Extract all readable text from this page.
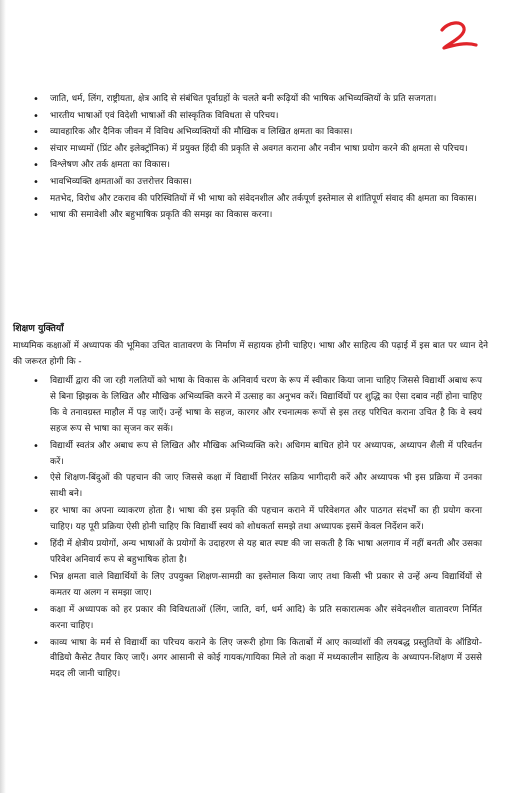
• जाति, धर्म, लिंग, राष्ट्रीयता, क्षेत्र आदि से संबंधित पूर्वाग्रहों के चलते बनी रूढ़ियों की भाषिक अभिव्यक्तियों के प्रति सजगता।
• भारतीय भाषाओं एवं विदेशी भाषाओं की सांस्कृतिक विविधता से परिचय।
• व्यावहारिक और दैनिक जीवन में विविध अभिव्यक्तियों की मौखिक व लिखित क्षमता का विकास।
• संचार माध्यमों (प्रिंट और इलेक्ट्रॉनिक) में प्रयुक्त हिंदी की प्रकृति से अवगत कराना और नवीन भाषा प्रयोग करने की क्षमता से परिचय।
• विश्लेषण और तर्क क्षमता का विकास।
• भावभिव्यक्ति क्षमताओं का उत्तरोत्तर विकास।
• मतभेद, विरोध और टकराव की परिस्थितियों में भी भाषा को संवेदनशील और तर्कपूर्ण इस्तेमाल से शांतिपूर्ण संवाद की क्षमता का विकास।
• भाषा की समावेशी और बहुभाषिक प्रकृति की समझ का विकास करना।
शिक्षण युक्तियाँ

माध्यमिक कक्षाओं में अध्यापक की भूमिका उचित वातावरण के निर्माण में सहायक होनी चाहिए। भाषा और साहित्य की पढ़ाई में इस बात पर ध्यान देने की जरूरत होगी कि -

• विद्यार्थी द्वारा की जा रही गलतियों को भाषा के विकास के अनिवार्य चरण के रूप में स्वीकार किया जाना चाहिए जिससे विद्यार्थी अबाध रूप से बिना झिझक के लिखित और मौखिक अभिव्यक्ति करने में उत्साह का अनुभव करें। विद्यार्थियों पर शुद्धि का ऐसा दबाव नहीं होना चाहिए कि वे तनावग्रस्त माहौल में पड़ जाएँ। उन्हें भाषा के सहज, कारगर और रचनात्मक रूपों से इस तरह परिचित कराना उचित है कि वे स्वयं सहज रूप से भाषा का सृजन कर सकें।
• विद्यार्थी स्वतंत्र और अबाध रूप से लिखित और मौखिक अभिव्यक्ति करे। अधिगम बाधित होने पर अध्यापक, अध्यापन शैली में परिवर्तन करें।
• ऐसे शिक्षण-बिंदुओं की पहचान की जाए जिससे कक्षा में विद्यार्थी निरंतर सक्रिय भागीदारी करें और अध्यापक भी इस प्रक्रिया में उनका साथी बने।
• हर भाषा का अपना व्याकरण होता है। भाषा की इस प्रकृति की पहचान कराने में परिवेशगत और पाठगत संदर्भों का ही प्रयोग करना चाहिए। यह पूरी प्रक्रिया ऐसी होनी चाहिए कि विद्यार्थी स्वयं को शोधकर्ता समझे तथा अध्यापक इसमें केवल निर्देशन करें।
• हिंदी में क्षेत्रीय प्रयोगों, अन्य भाषाओं के प्रयोगों के उदाहरण से यह बात स्पष्ट की जा सकती है कि भाषा अलगाव में नहीं बनती और उसका परिवेश अनिवार्य रूप से बहुभाषिक होता है।
• भिन्न क्षमता वाले विद्यार्थियों के लिए उपयुक्त शिक्षण-सामग्री का इस्तेमाल किया जाए तथा किसी भी प्रकार से उन्हें अन्य विद्यार्थियों से कमतर या अलग न समझा जाए।
• कक्षा में अध्यापक को हर प्रकार की विविधताओं (लिंग, जाति, वर्ग, धर्म आदि) के प्रति सकारात्मक और संवेदनशील वातावरण निर्मित करना चाहिए।
• काव्य भाषा के मर्म से विद्यार्थी का परिचय कराने के लिए जरूरी होगा कि किताबों में आए काव्यांशों की लयबद्ध प्रस्तुतियों के ऑडियो-वीडियो कैसेट तैयार किए जाएँ। अगर आसानी से कोई गायक/गायिका मिले तो कक्षा में मध्यकालीन साहित्य के अध्यापन-शिक्षण में उससे मदद ली जानी चाहिए।
